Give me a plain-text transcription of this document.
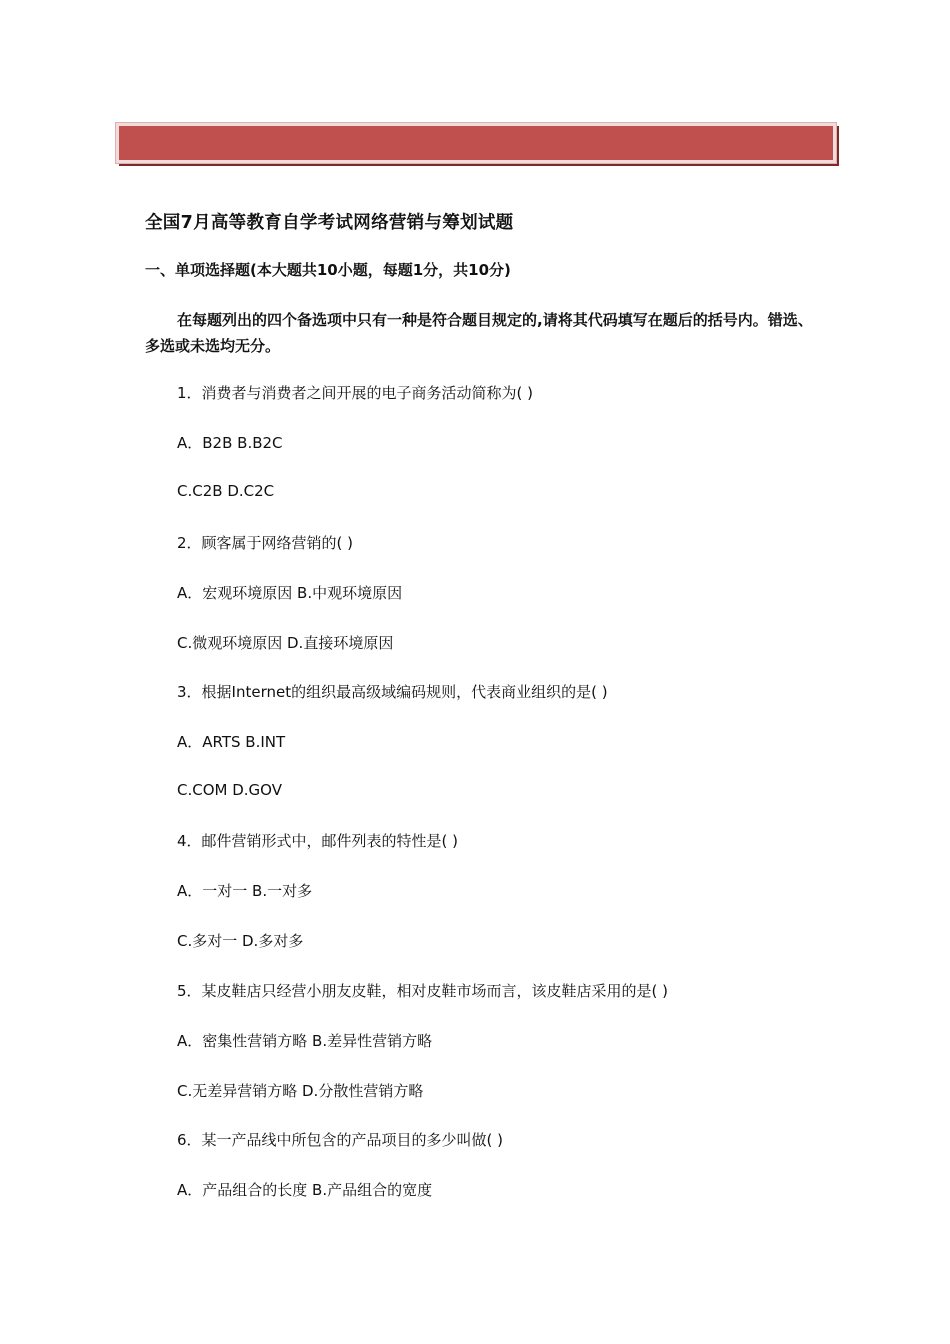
全国7月高等教育自学考试网络营销与筹划试题
一、单项选择题(本大题共10小题，每题1分，共10分)

在每题列出的四个备选项中只有一种是符合题目规定的,请将其代码填写在题后的括号内。错选、多选或未选均无分。

1．消费者与消费者之间开展的电子商务活动简称为( )
A．B2B B.B2C
C.C2B D.C2C
2．顾客属于网络营销的( )
A．宏观环境原因 B.中观环境原因
C.微观环境原因 D.直接环境原因
3．根据Internet的组织最高级域编码规则，代表商业组织的是( )
A．ARTS B.INT
C.COM D.GOV
4．邮件营销形式中，邮件列表的特性是( )
A．一对一 B.一对多
C.多对一 D.多对多
5．某皮鞋店只经营小朋友皮鞋，相对皮鞋市场而言，该皮鞋店采用的是( )
A．密集性营销方略 B.差异性营销方略
C.无差异营销方略 D.分散性营销方略
6．某一产品线中所包含的产品项目的多少叫做( )
A．产品组合的长度 B.产品组合的宽度
